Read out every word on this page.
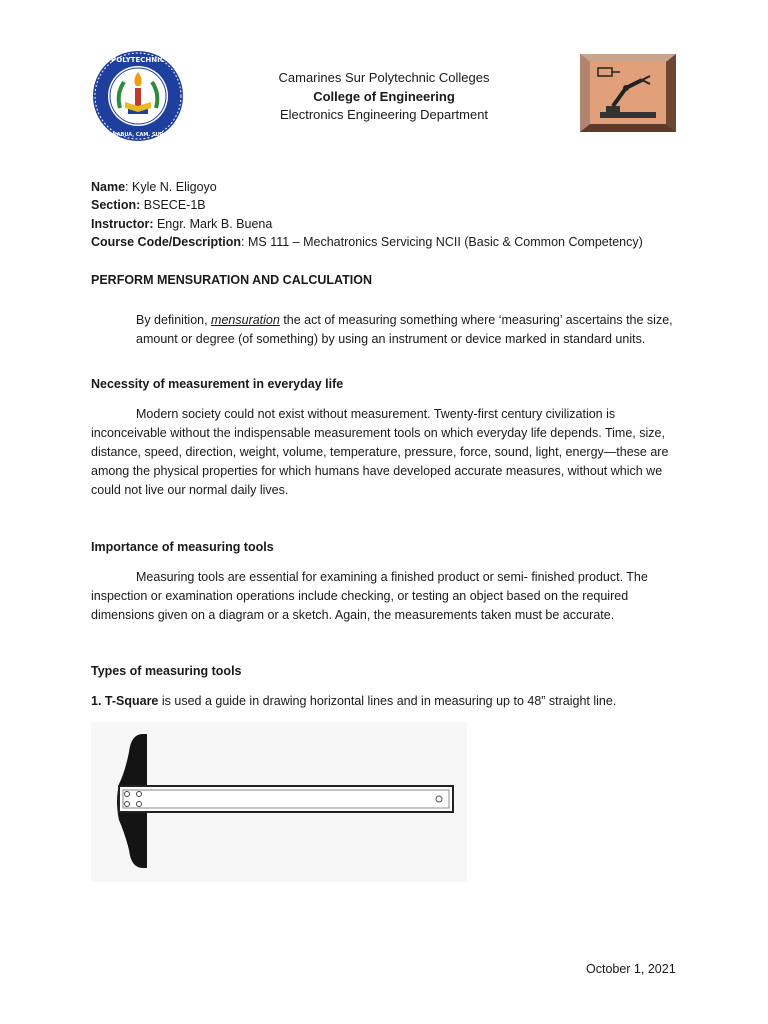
POLYTECHNIC
NABUA, CAM. SUR
Camarines Sur Polytechnic Colleges
College of Engineering
Electronics Engineering Department
Name: Kyle N. Eligoyo
Section: BSECE-1B
Instructor: Engr. Mark B. Buena
Course Code/Description: MS 111 – Mechatronics Servicing NCII (Basic & Common Competency)
PERFORM MENSURATION AND CALCULATION
By definition, mensuration the act of measuring something where ‘measuring’ ascertains the size, amount or degree (of something) by using an instrument or device marked in standard units.
Necessity of measurement in everyday life
Modern society could not exist without measurement. Twenty-first century civilization is inconceivable without the indispensable measurement tools on which everyday life depends. Time, size, distance, speed, direction, weight, volume, temperature, pressure, force, sound, light, energy—these are among the physical properties for which humans have developed accurate measures, without which we could not live our normal daily lives.
Importance of measuring tools
Measuring tools are essential for examining a finished product or semi- finished product. The inspection or examination operations include checking, or testing an object based on the required dimensions given on a diagram or a sketch. Again, the measurements taken must be accurate.
Types of measuring tools
1. T-Square is used a guide in drawing horizontal lines and in measuring up to 48” straight line.
October 1, 2021
